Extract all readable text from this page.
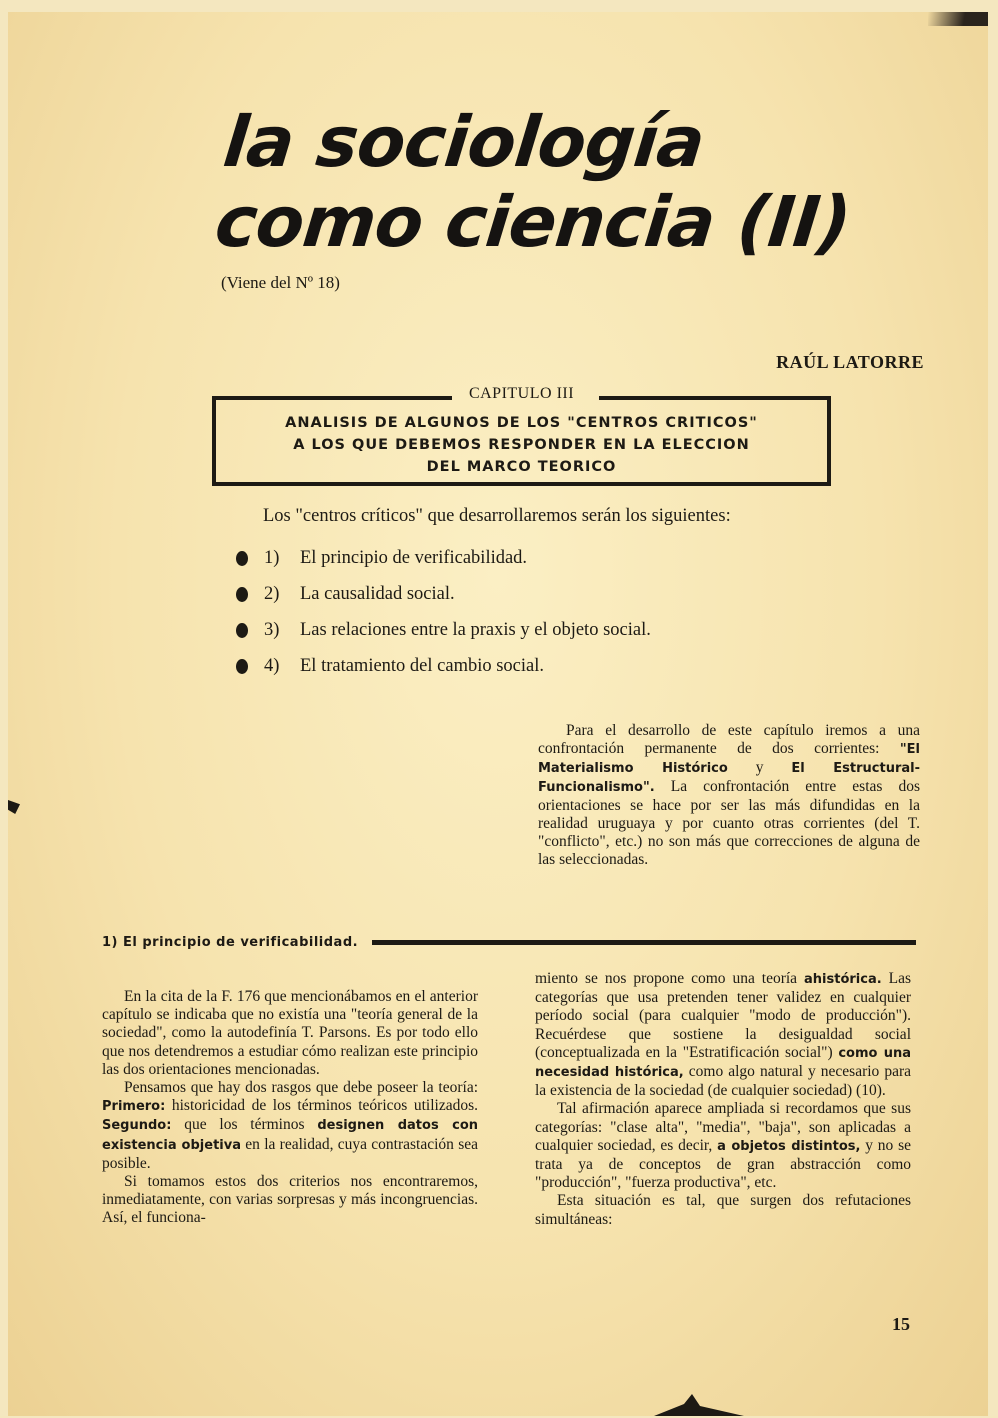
la sociología
como ciencia (II)
(Viene del Nº 18)
RAÚL LATORRE
CAPITULO III
ANALISIS DE ALGUNOS DE LOS "CENTROS CRITICOS"
A LOS QUE DEBEMOS RESPONDER EN LA ELECCION
DEL MARCO TEORICO
Los "centros críticos" que desarrollaremos serán los siguientes:
1)	El principio de verificabilidad.
2)	La causalidad social.
3)	Las relaciones entre la praxis y el objeto social.
4)	El tratamiento del cambio social.
Para el desarrollo de este capítulo iremos a una confrontación permanente de dos corrientes: "El Materialismo Histórico y El Estructural-Funcionalismo". La confrontación entre estas dos orientaciones se hace por ser las más difundidas en la realidad uruguaya y por cuanto otras corrientes (del T. "conflicto", etc.) no son más que correcciones de alguna de las seleccionadas.
1) El principio de verificabilidad.

En la cita de la F. 176 que mencionábamos en el anterior capítulo se indicaba que no existía una "teoría general de la sociedad", como la autodefinía T. Parsons. Es por todo ello que nos detendremos a estudiar cómo realizan este principio las dos orientaciones mencionadas.

Pensamos que hay dos rasgos que debe poseer la teoría: Primero: historicidad de los términos teóricos utilizados. Segundo: que los términos designen datos con existencia objetiva en la realidad, cuya contrastación sea posible.

Si tomamos estos dos criterios nos encontraremos, inmediatamente, con varias sorpresas y más incongruencias. Así, el funciona-

miento se nos propone como una teoría ahistórica. Las categorías que usa pretenden tener validez en cualquier período social (para cualquier "modo de producción"). Recuérdese que sostiene la desigualdad social (conceptualizada en la "Estratificación social") como una necesidad histórica, como algo natural y necesario para la existencia de la sociedad (de cualquier sociedad) (10).

Tal afirmación aparece ampliada si recordamos que sus categorías: "clase alta", "media", "baja", son aplicadas a cualquier sociedad, es decir, a objetos distintos, y no se trata ya de conceptos de gran abstracción como "producción", "fuerza productiva", etc.

Esta situación es tal, que surgen dos refutaciones simultáneas:

15
